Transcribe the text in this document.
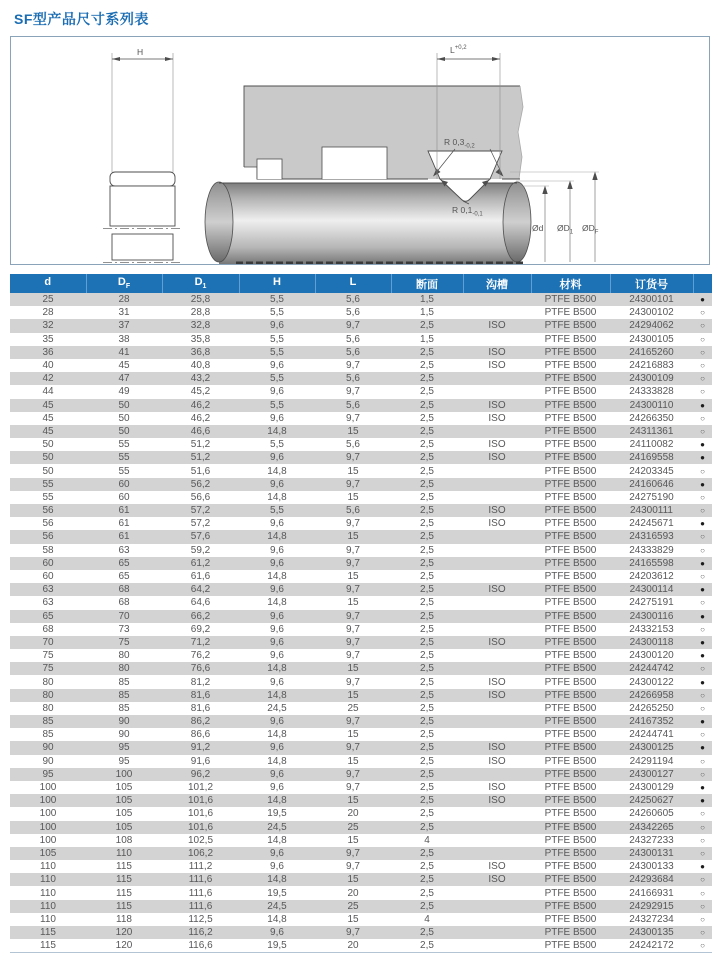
SF型产品尺寸系列表
H	$L^{+0,2}$
R $0,3_{-0,2}$
R $0,1_{-0,1}$
Ød $ØD_1$ $ØD_F$
d	$D_F$	$D_1$	H	L	断面	沟槽	材料	订货号	
25	28	25,8	5,5	5,6	1,5		PTFE B500	24300101	●
28	31	28,8	5,5	5,6	1,5		PTFE B500	24300102	○
32	37	32,8	9,6	9,7	2,5	ISO	PTFE B500	24294062	○
35	38	35,8	5,5	5,6	1,5		PTFE B500	24300105	○
36	41	36,8	5,5	5,6	2,5	ISO	PTFE B500	24165260	○
40	45	40,8	9,6	9,7	2,5	ISO	PTFE B500	24216883	○
42	47	43,2	5,5	5,6	2,5		PTFE B500	24300109	○
44	49	45,2	9,6	9,7	2,5		PTFE B500	24333828	○
45	50	46,2	5,5	5,6	2,5	ISO	PTFE B500	24300110	●
45	50	46,2	9,6	9,7	2,5	ISO	PTFE B500	24266350	○
45	50	46,6	14,8	15	2,5		PTFE B500	24311361	○
50	55	51,2	5,5	5,6	2,5	ISO	PTFE B500	24110082	●
50	55	51,2	9,6	9,7	2,5	ISO	PTFE B500	24169558	●
50	55	51,6	14,8	15	2,5		PTFE B500	24203345	○
55	60	56,2	9,6	9,7	2,5		PTFE B500	24160646	●
55	60	56,6	14,8	15	2,5		PTFE B500	24275190	○
56	61	57,2	5,5	5,6	2,5	ISO	PTFE B500	24300111	○
56	61	57,2	9,6	9,7	2,5	ISO	PTFE B500	24245671	●
56	61	57,6	14,8	15	2,5		PTFE B500	24316593	○
58	63	59,2	9,6	9,7	2,5		PTFE B500	24333829	○
60	65	61,2	9,6	9,7	2,5		PTFE B500	24165598	●
60	65	61,6	14,8	15	2,5		PTFE B500	24203612	○
63	68	64,2	9,6	9,7	2,5	ISO	PTFE B500	24300114	●
63	68	64,6	14,8	15	2,5		PTFE B500	24275191	○
65	70	66,2	9,6	9,7	2,5		PTFE B500	24300116	●
68	73	69,2	9,6	9,7	2,5		PTFE B500	24332153	○
70	75	71,2	9,6	9,7	2,5	ISO	PTFE B500	24300118	●
75	80	76,2	9,6	9,7	2,5		PTFE B500	24300120	●
75	80	76,6	14,8	15	2,5		PTFE B500	24244742	○
80	85	81,2	9,6	9,7	2,5	ISO	PTFE B500	24300122	●
80	85	81,6	14,8	15	2,5	ISO	PTFE B500	24266958	○
80	85	81,6	24,5	25	2,5		PTFE B500	24265250	○
85	90	86,2	9,6	9,7	2,5		PTFE B500	24167352	●
85	90	86,6	14,8	15	2,5		PTFE B500	24244741	○
90	95	91,2	9,6	9,7	2,5	ISO	PTFE B500	24300125	●
90	95	91,6	14,8	15	2,5	ISO	PTFE B500	24291194	○
95	100	96,2	9,6	9,7	2,5		PTFE B500	24300127	○
100	105	101,2	9,6	9,7	2,5	ISO	PTFE B500	24300129	●
100	105	101,6	14,8	15	2,5	ISO	PTFE B500	24250627	●
100	105	101,6	19,5	20	2,5		PTFE B500	24260605	○
100	105	101,6	24,5	25	2,5		PTFE B500	24342265	○
100	108	102,5	14,8	15	4		PTFE B500	24327233	○
105	110	106,2	9,6	9,7	2,5		PTFE B500	24300131	○
110	115	111,2	9,6	9,7	2,5	ISO	PTFE B500	24300133	●
110	115	111,6	14,8	15	2,5	ISO	PTFE B500	24293684	○
110	115	111,6	19,5	20	2,5		PTFE B500	24166931	○
110	115	111,6	24,5	25	2,5		PTFE B500	24292915	○
110	118	112,5	14,8	15	4		PTFE B500	24327234	○
115	120	116,2	9,6	9,7	2,5		PTFE B500	24300135	○
115	120	116,6	19,5	20	2,5		PTFE B500	24242172	○
